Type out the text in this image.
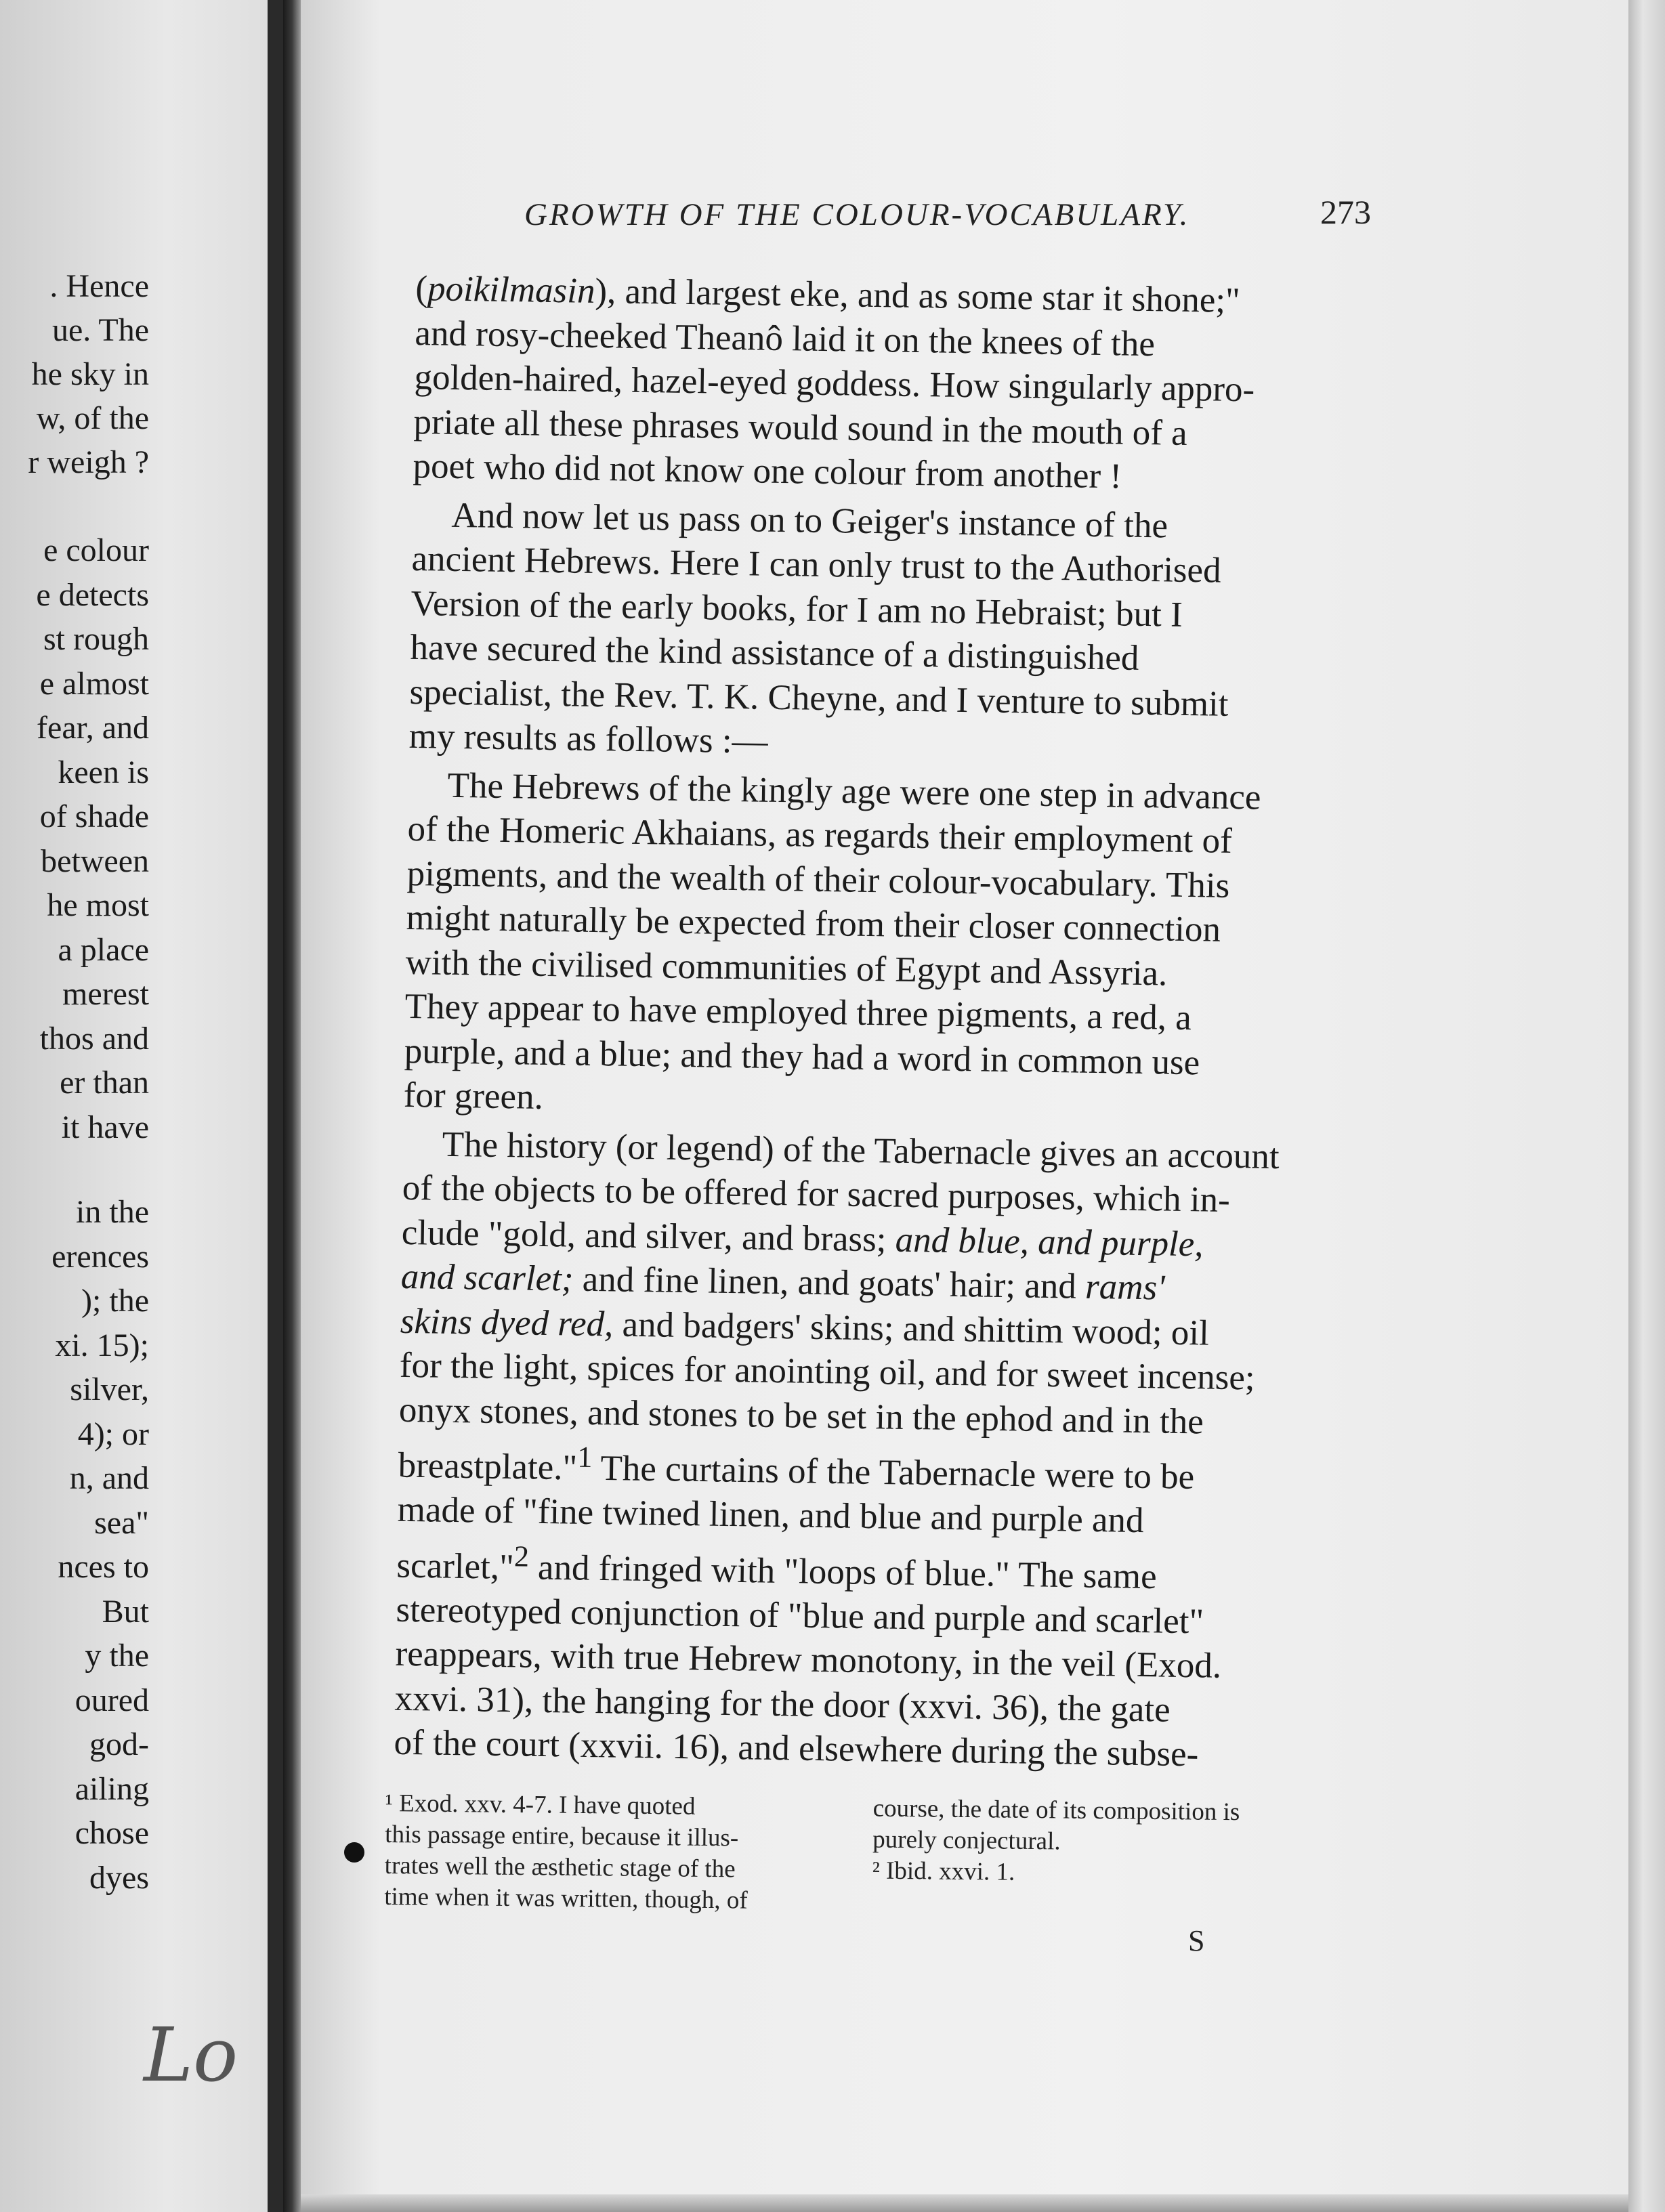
. Hence
ue. The
he sky in
w, of the
r weigh ?
e colour
e detects
st rough
e almost
fear, and
keen is
of shade
between
he most
a place
merest
thos and
er than
it have
in the
erences
); the
xi. 15);
silver,
4); or
n, and
sea"
nces to
But
y the
oured
god-
ailing
chose
dyes
GROWTH OF THE COLOUR-VOCABULARY.	273

(poikilmasin), and largest eke, and as some star it shone;"
and rosy-cheeked Theanô laid it on the knees of the
golden-haired, hazel-eyed goddess. How singularly appro-
priate all these phrases would sound in the mouth of a
poet who did not know one colour from another !

And now let us pass on to Geiger's instance of the
ancient Hebrews. Here I can only trust to the Authorised
Version of the early books, for I am no Hebraist; but I
have secured the kind assistance of a distinguished
specialist, the Rev. T. K. Cheyne, and I venture to submit
my results as follows :—

The Hebrews of the kingly age were one step in advance
of the Homeric Akhaians, as regards their employment of
pigments, and the wealth of their colour-vocabulary. This
might naturally be expected from their closer connection
with the civilised communities of Egypt and Assyria.
They appear to have employed three pigments, a red, a
purple, and a blue; and they had a word in common use
for green.

The history (or legend) of the Tabernacle gives an account
of the objects to be offered for sacred purposes, which in-
clude "gold, and silver, and brass; and blue, and purple,
and scarlet; and fine linen, and goats' hair; and rams'
skins dyed red, and badgers' skins; and shittim wood; oil
for the light, spices for anointing oil, and for sweet incense;
onyx stones, and stones to be set in the ephod and in the
breastplate."$^1$ The curtains of the Tabernacle were to be
made of "fine twined linen, and blue and purple and
scarlet,"$^2$ and fringed with "loops of blue." The same
stereotyped conjunction of "blue and purple and scarlet"
reappears, with true Hebrew monotony, in the veil (Exod.
xxvi. 31), the hanging for the door (xxvi. 36), the gate
of the court (xxvii. 16), and elsewhere during the subse-

¹ Exod. xxv. 4-7. I have quoted
this passage entire, because it illus-
trates well the æsthetic stage of the
time when it was written, though, of
course, the date of its composition is
purely conjectural.
² Ibid. xxvi. 1.
S
Lo
